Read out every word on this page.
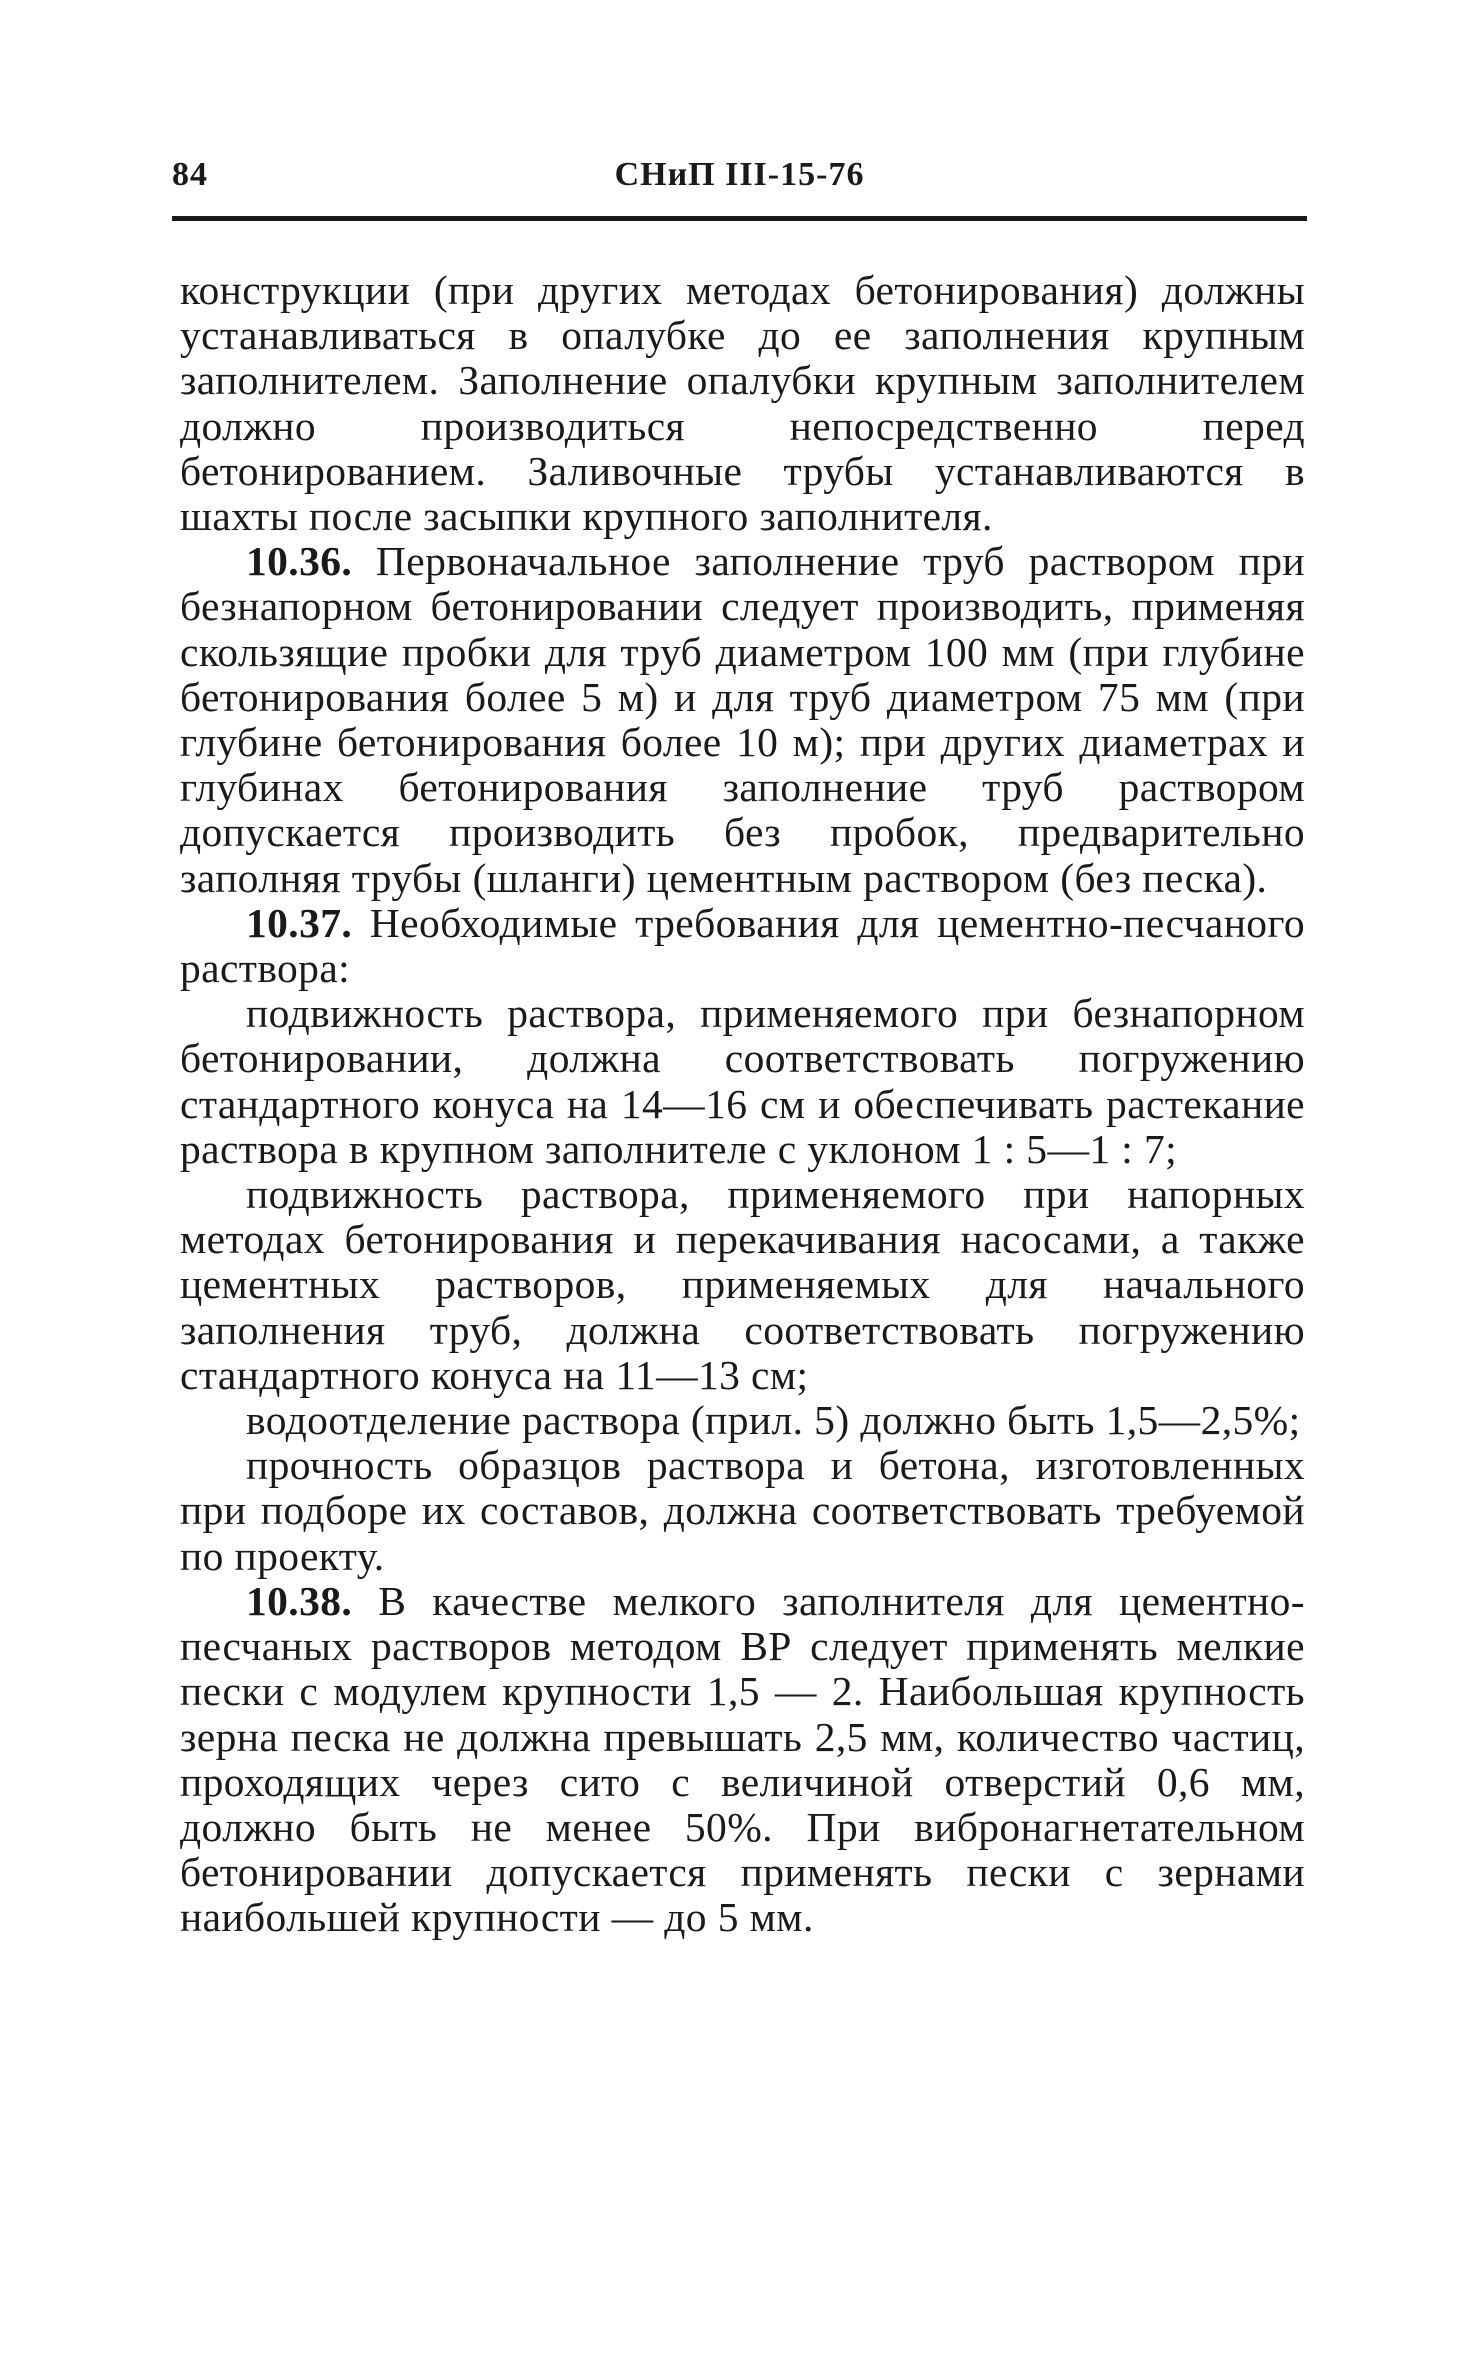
84	СНиП III-15-76

конструкции (при других методах бетонирования) должны устанавливаться в опалубке до ее заполнения крупным заполнителем. Заполнение опалубки крупным заполнителем должно производиться непосредственно перед бетонированием. Заливочные трубы устанавливаются в шахты после засыпки крупного заполнителя.

10.36. Первоначальное заполнение труб раствором при безнапорном бетонировании следует производить, применяя скользящие пробки для труб диаметром 100 мм (при глубине бетонирования более 5 м) и для труб диаметром 75 мм (при глубине бетонирования более 10 м); при других диаметрах и глубинах бетонирования заполнение труб раствором допускается производить без пробок, предварительно заполняя трубы (шланги) цементным раствором (без песка).

10.37. Необходимые требования для цементно-песчаного раствора:

подвижность раствора, применяемого при безнапорном бетонировании, должна соответствовать погружению стандартного конуса на 14—16 см и обеспечивать растекание раствора в крупном заполнителе с уклоном 1 : 5—1 : 7;

подвижность раствора, применяемого при напорных методах бетонирования и перекачивания насосами, а также цементных растворов, применяемых для начального заполнения труб, должна соответствовать погружению стандартного конуса на 11—13 см;

водоотделение раствора (прил. 5) должно быть 1,5—2,5%;

прочность образцов раствора и бетона, изготовленных при подборе их составов, должна соответствовать требуемой по проекту.

10.38. В качестве мелкого заполнителя для цементно-песчаных растворов методом ВР следует применять мелкие пески с модулем крупности 1,5 — 2. Наибольшая крупность зерна песка не должна превышать 2,5 мм, количество частиц, проходящих через сито с величиной отверстий 0,6 мм, должно быть не менее 50%. При вибронагнетательном бетонировании допускается применять пески с зернами наибольшей крупности — до 5 мм.
